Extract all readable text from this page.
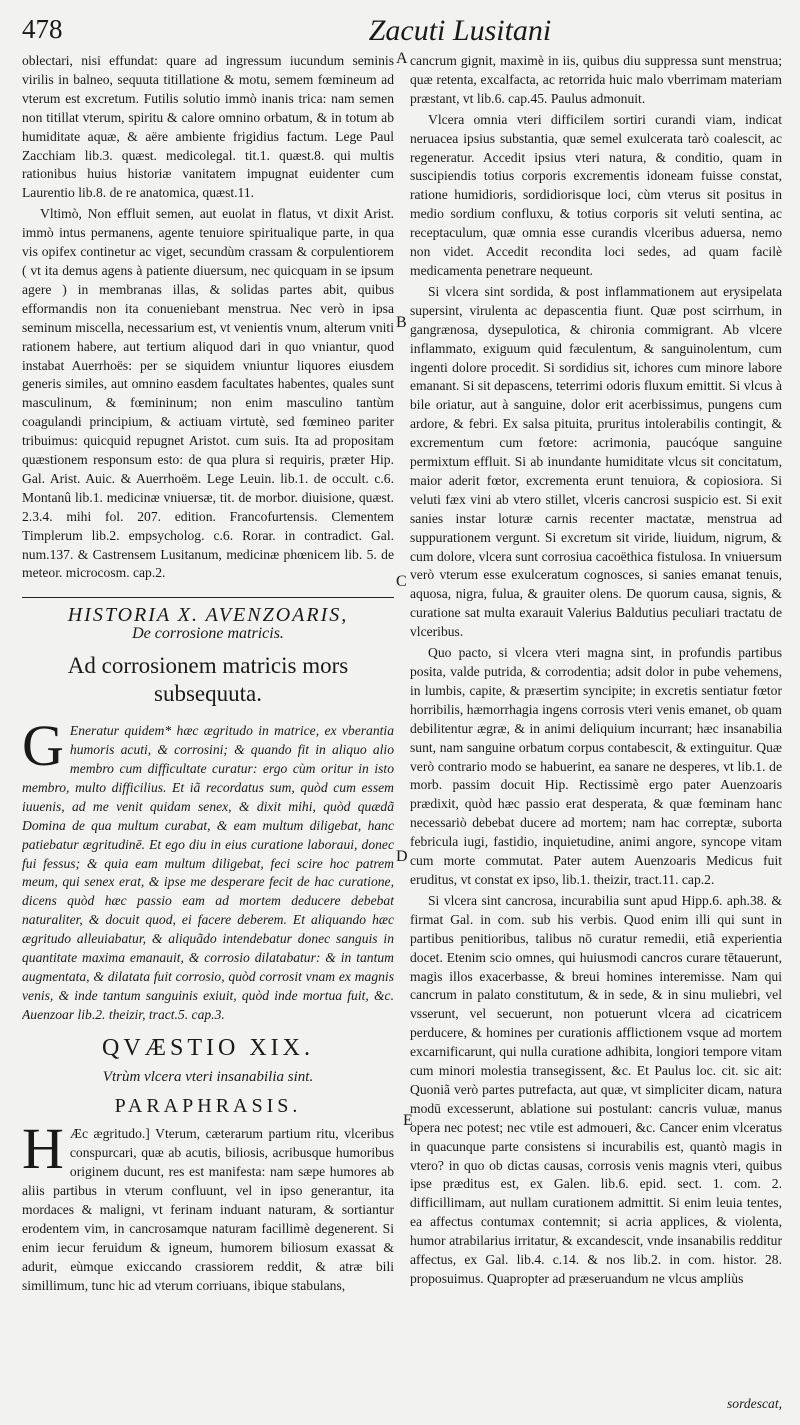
478	Zacuti Lusitani
A
B
C
D
E

oblectari, nisi effundat: quare ad ingressum iucundum seminis virilis in balneo, sequuta titillatione & motu, semem fœmineum ad vterum est excretum. Futilis solutio immò inanis trica: nam semen non titillat vterum, spiritu & calore omnino orbatum, & in totum ab humiditate aquæ, & aëre ambiente frigidius factum. Lege Paul Zacchiam lib.3. quæst. medicolegal. tit.1. quæst.8. qui multis rationibus huius historiæ vanitatem impugnat euidenter cum Laurentio lib.8. de re anatomica, quæst.11.

Vltimò, Non effluit semen, aut euolat in flatus, vt dixit Arist. immò intus permanens, agente tenuiore spiritualique parte, in qua vis opifex continetur ac viget, secundùm crassam & corpulentiorem ( vt ita demus agens à patiente diuersum, nec quicquam in se ipsum agere ) in membranas illas, & solidas partes abit, quibus efformandis non ita conueniebant menstrua. Nec verò in ipsa seminum miscella, necessarium est, vt venientis vnum, alterum vniti rationem habere, aut tertium aliquod dari in quo vniantur, quod instabat Auerrhoës: per se siquidem vniuntur liquores eiusdem generis similes, aut omnino easdem facultates habentes, quales sunt masculinum, & fœmininum; non enim masculino tantùm coagulandi principium, & actiuam virtutè, sed fœmineo pariter tribuimus: quicquid repugnet Aristot. cum suis. Ita ad propositam quæstionem responsum esto: de qua plura si requiris, præter Hip. Gal. Arist. Auic. & Auerrhoëm. Lege Leuin. lib.1. de occult. c.6. Montanû lib.1. medicinæ vniuersæ, tit. de morbor. diuisione, quæst. 2.3.4. mihi fol. 207. edition. Francofurtensis. Clementem Timplerum lib.2. empsycholog. c.6. Rorar. in contradict. Gal. num.137. & Castrensem Lusitanum, medicinæ phœnicem lib. 5. de meteor. microcosm. cap.2.

HISTORIA X. AVENZOARIS,
De corrosione matricis.
Ad corrosionem matricis mors subsequuta.

G Eneratur quidem* hæc ægritudo in matrice, ex vberantia humoris acuti, & corrosini; & quando fit in aliquo alio membro cum difficultate curatur: ergo cùm oritur in isto membro, multo difficilius. Et iã recordatus sum, quòd cum essem iuuenis, ad me venit quidam senex, & dixit mihi, quòd quædã Domina de qua multum curabat, & eam multum diligebat, hanc patiebatur ægritudinē. Et ego diu in eius curatione laboraui, donec fui fessus; & quia eam multum diligebat, feci scire hoc patrem meum, qui senex erat, & ipse me desperare fecit de hac curatione, dicens quòd hæc passio eam ad mortem deducere debebat naturaliter, & docuit quod, ei facere deberem. Et aliquando hæc ægritudo alleuiabatur, & aliquãdo intendebatur donec sanguis in quantitate maxima emanauit, & corrosio dilatabatur: & in tantum augmentata, & dilatata fuit corrosio, quòd corrosit vnam ex magnis venis, & inde tantum sanguinis exiuit, quòd inde mortua fuit, &c. Auenzoar lib.2. theizir, tract.5. cap.3.

QVÆSTIO XIX.
Vtrùm vlcera vteri insanabilia sint.
PARAPHRASIS.

H Æc ægritudo.] Vterum, cæterarum partium ritu, vlceribus conspurcari, quæ ab acutis, biliosis, acribusque humoribus originem ducunt, res est manifesta: nam sæpe humores ab aliis partibus in vterum confluunt, vel in ipso generantur, ita mordaces & maligni, vt ferinam induant naturam, & sortiantur erodentem vim, in cancrosamque naturam facillimè degenerent. Si enim iecur feruidum & igneum, humorem biliosum exassat & adurit, eùmque exiccando crassiorem reddit, & atræ bili simillimum, tunc hic ad vterum corriuans, ibique stabulans,

cancrum gignit, maximè in iis, quibus diu suppressa sunt menstrua; quæ retenta, excalfacta, ac retorrida huic malo vberrimam materiam præstant, vt lib.6. cap.45. Paulus admonuit.

Vlcera omnia vteri difficilem sortiri curandi viam, indicat neruacea ipsius substantia, quæ semel exulcerata tarò coalescit, ac regeneratur. Accedit ipsius vteri natura, & conditio, quam in suscipiendis totius corporis excrementis idoneam fuisse constat, ratione humidioris, sordidiorisque loci, cùm vterus sit positus in medio sordium confluxu, & totius corporis sit veluti sentina, ac receptaculum, quæ omnia esse curandis vlceribus aduersa, nemo non videt. Accedit recondita loci sedes, ad quam facilè medicamenta penetrare nequeunt.

Si vlcera sint sordida, & post inflammationem aut erysipelata supersint, virulenta ac depascentia fiunt. Quæ post scirrhum, in gangrænosa, dysepulotica, & chironia commigrant. Ab vlcere inflammato, exiguum quid fæculentum, & sanguinolentum, cum ingenti dolore procedit. Si sordidius sit, ichores cum minore labore emanant. Si sit depascens, teterrimi odoris fluxum emittit. Si vlcus à bile oriatur, aut à sanguine, dolor erit acerbissimus, pungens cum ardore, & febri. Ex salsa pituita, pruritus intolerabilis contingit, & excrementum cum fœtore: acrimonia, paucóque sanguine permixtum effluit. Si ab inundante humiditate vlcus sit concitatum, maior aderit fœtor, excrementa erunt tenuiora, & copiosiora. Si veluti fæx vini ab vtero stillet, vlceris cancrosi suspicio est. Si exit sanies instar loturæ carnis recenter mactatæ, menstrua ad suppurationem vergunt. Si excretum sit viride, liuidum, nigrum, & cum dolore, vlcera sunt corrosiua cacoëthica fistulosa. In vniuersum verò vterum esse exulceratum cognosces, si sanies emanat tenuis, aquosa, nigra, fulua, & grauiter olens. De quorum causa, signis, & curatione sat multa exarauit Valerius Baldutius peculiari tractatu de vlceribus.

Quo pacto, si vlcera vteri magna sint, in profundis partibus posita, valde putrida, & corrodentia; adsit dolor in pube vehemens, in lumbis, capite, & præsertim syncipite; in excretis sentiatur fœtor horribilis, hæmorrhagia ingens corrosis vteri venis emanet, ob quam debilitentur ægræ, & in animi deliquium incurrant; hæc insanabilia sunt, nam sanguine orbatum corpus contabescit, & extinguitur. Quæ verò contrario modo se habuerint, ea sanare ne desperes, vt lib.1. de morb. passim docuit Hip. Rectissimè ergo pater Auenzoaris prædixit, quòd hæc passio erat desperata, & quæ fœminam hanc necessariò debebat ducere ad mortem; nam hac correptæ, suborta febricula iugi, fastidio, inquietudine, animi angore, syncope vitam cum morte commutat. Pater autem Auenzoaris Medicus fuit eruditus, vt constat ex ipso, lib.1. theizir, tract.11. cap.2.

Si vlcera sint cancrosa, incurabilia sunt apud Hipp.6. aph.38. & firmat Gal. in com. sub his verbis. Quod enim illi qui sunt in partibus penitioribus, talibus nō curatur remedii, etiã experientia docet. Etenim scio omnes, qui huiusmodi cancros curare tētauerunt, magis illos exacerbasse, & breui homines interemisse. Nam qui cancrum in palato constitutum, & in sede, & in sinu muliebri, vel vsserunt, vel secuerunt, non potuerunt vlcera ad cicatricem perducere, & homines per curationis afflictionem vsque ad mortem excarnificarunt, qui nulla curatione adhibita, longiori tempore vitam cum minori molestia transegissent, &c. Et Paulus loc. cit. sic ait: Quoniã verò partes putrefacta, aut quæ, vt simpliciter dicam, natura modū excesserunt, ablatione sui postulant: cancris vuluæ, manus opera nec potest; nec vtile est admoueri, &c. Cancer enim vlceratus in quacunque parte consistens si incurabilis est, quantò magis in vtero? in quo ob dictas causas, corrosis venis magnis vteri, quibus ipse præditus est, ex Galen. lib.6. epid. sect. 1. com. 2. difficillimam, aut nullam curationem admittit. Si enim leuia tentes, ea affectus contumax contemnit; si acria applices, & violenta, humor atrabilarius irritatur, & excandescit, vnde insanabilis redditur affectus, ex Gal. lib.4. c.14. & nos lib.2. in com. histor. 28. proposuimus. Quapropter ad præseruandum ne vlcus ampliùs

sordescat,
